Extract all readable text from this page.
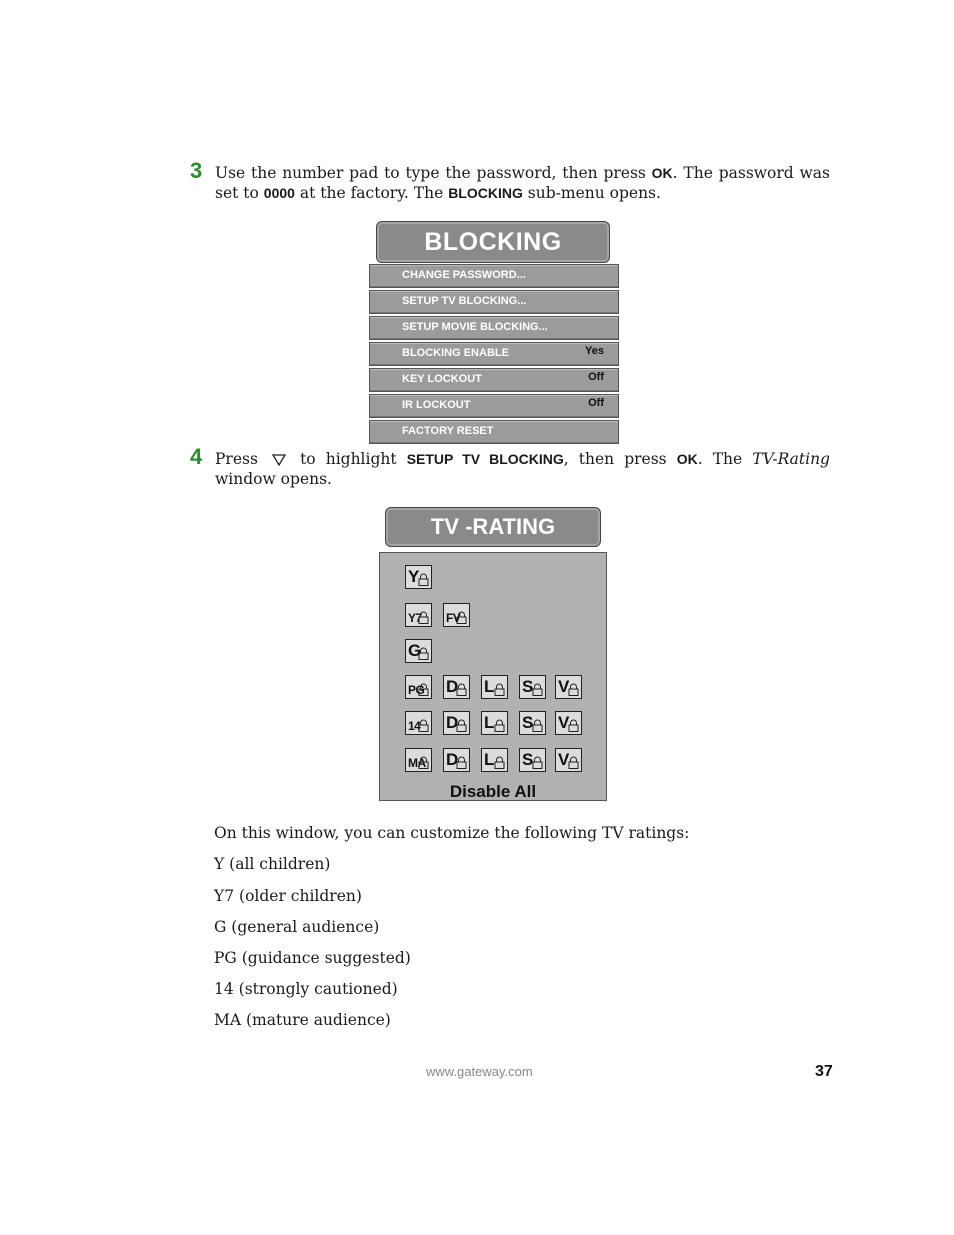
3 Use the number pad to type the password, then press OK. The password was set to 0000 at the factory. The BLOCKING sub-menu opens.
BLOCKING
CHANGE PASSWORD...
SETUP TV BLOCKING...
SETUP MOVIE BLOCKING...
BLOCKING ENABLE	Yes
KEY LOCKOUT	Off
IR LOCKOUT	Off
FACTORY RESET
4 Press  to highlight SETUP TV BLOCKING, then press OK. The TV-Rating window opens.
TV -RATING
Disable All
Y
Y7 FV
G
PG D L S V
14 D L S V
MA D L S V
On this window, you can customize the following TV ratings:
Y (all children)
Y7 (older children)
G (general audience)
PG (guidance suggested)
14 (strongly cautioned)
MA (mature audience)
www.gateway.com	37
